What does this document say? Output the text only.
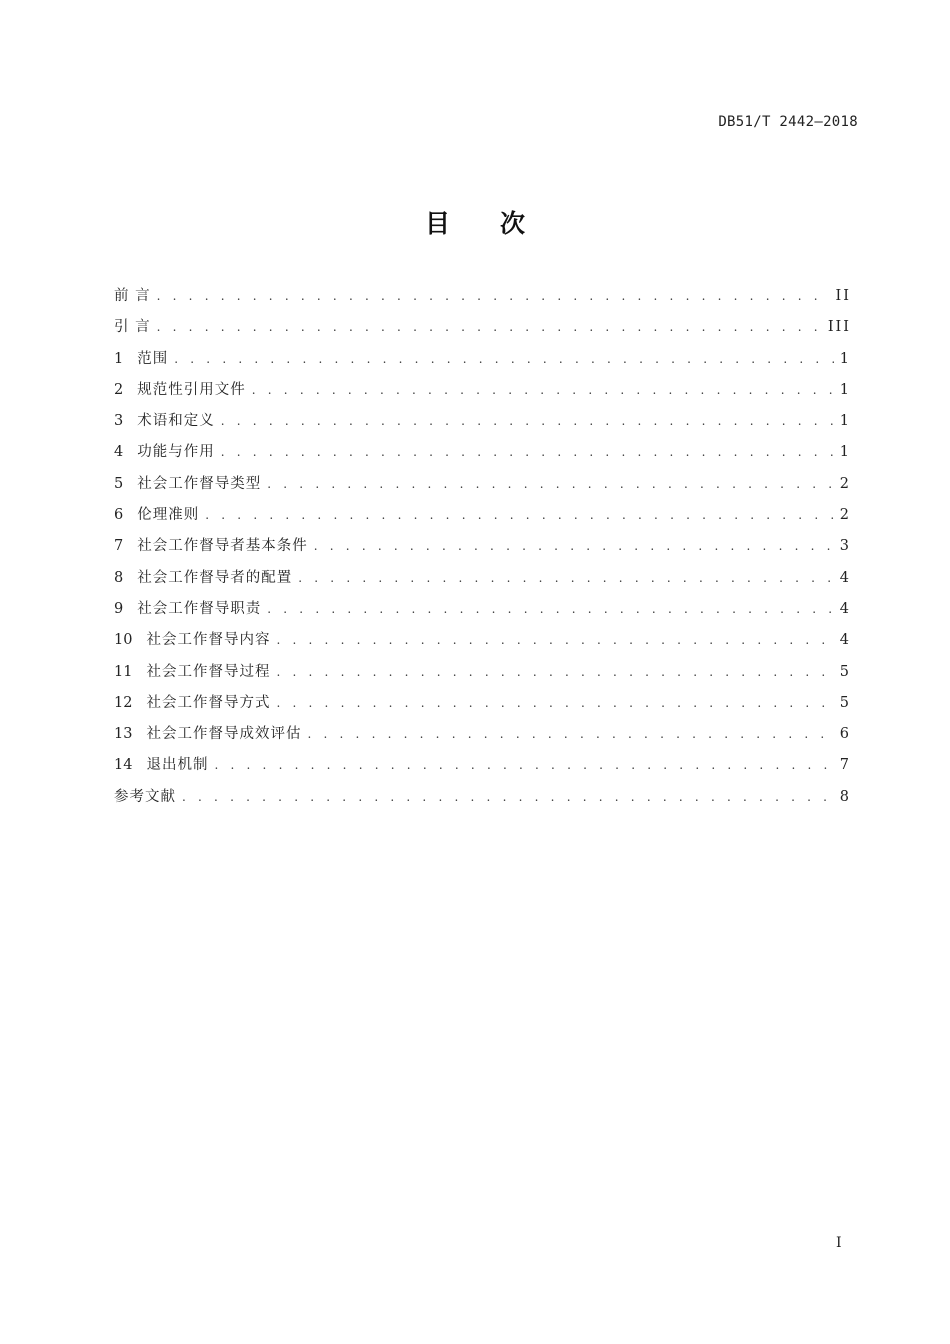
DB51/T 2442—2018
目 次
前 言 . . .	II
引 言 . . .	III
1 范围 . . .	1
2 规范性引用文件 . . .	1
3 术语和定义 . . .	1
4 功能与作用 . . .	1
5 社会工作督导类型 . . .	2
6 伦理准则 . . .	2
7 社会工作督导者基本条件 . . .	3
8 社会工作督导者的配置 . . .	4
9 社会工作督导职责 . . .	4
10 社会工作督导内容 . . .	4
11 社会工作督导过程 . . .	5
12 社会工作督导方式 . . .	5
13 社会工作督导成效评估 . . .	6
14 退出机制 . . .	7
参考文献 . . .	8
I
